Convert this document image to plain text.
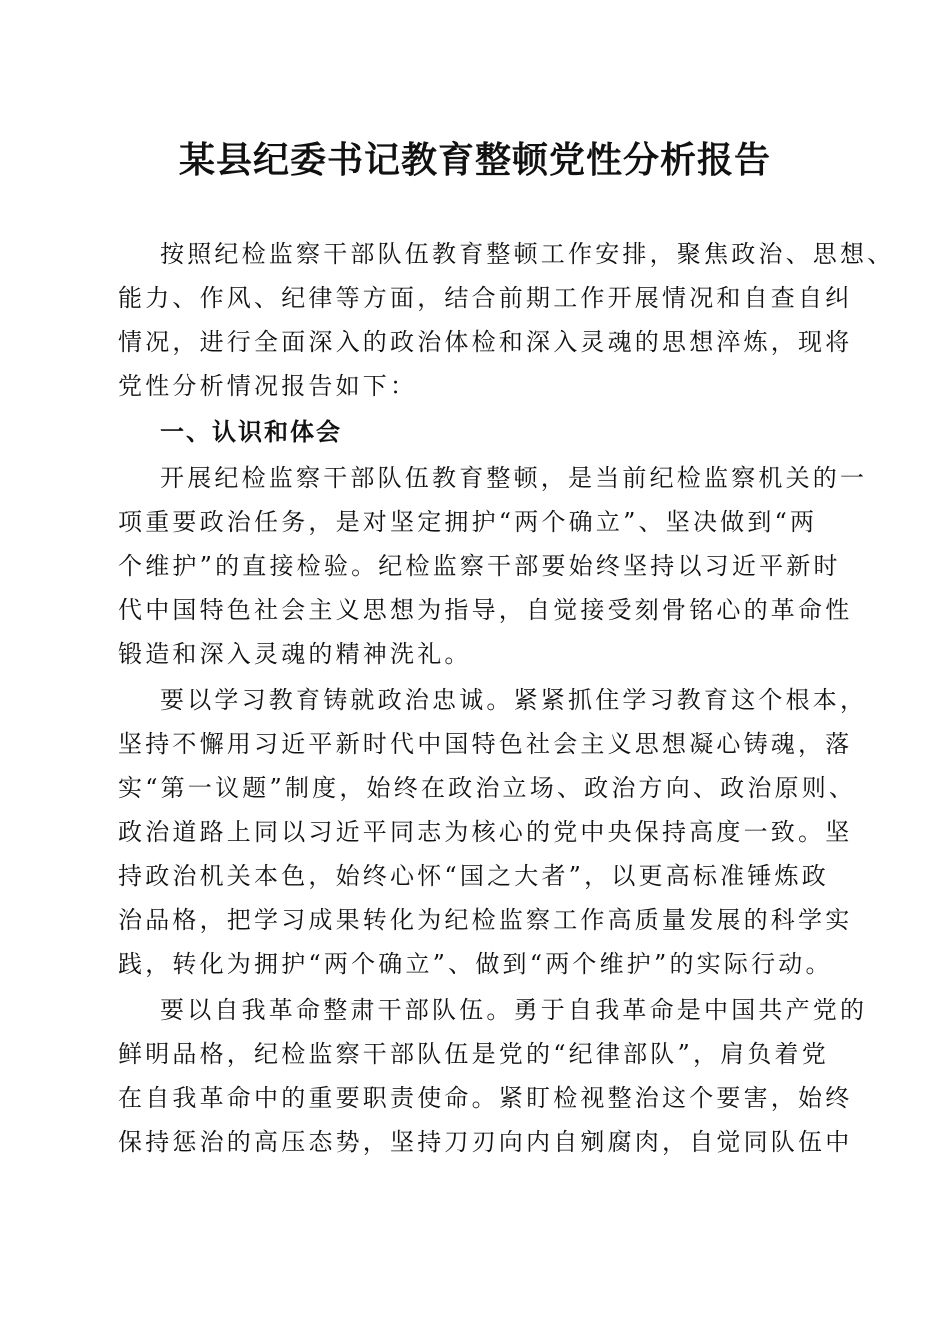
某县纪委书记教育整顿党性分析报告

按照纪检监察干部队伍教育整顿工作安排，聚焦政治、思想、

能力、作风、纪律等方面，结合前期工作开展情况和自查自纠

情况，进行全面深入的政治体检和深入灵魂的思想淬炼，现将

党性分析情况报告如下：

一、认识和体会

开展纪检监察干部队伍教育整顿，是当前纪检监察机关的一

项重要政治任务，是对坚定拥护“两个确立”、坚决做到“两

个维护”的直接检验。纪检监察干部要始终坚持以习近平新时

代中国特色社会主义思想为指导，自觉接受刻骨铭心的革命性

锻造和深入灵魂的精神洗礼。

要以学习教育铸就政治忠诚。紧紧抓住学习教育这个根本，

坚持不懈用习近平新时代中国特色社会主义思想凝心铸魂，落

实“第一议题”制度，始终在政治立场、政治方向、政治原则、

政治道路上同以习近平同志为核心的党中央保持高度一致。坚

持政治机关本色，始终心怀“国之大者”，以更高标准锤炼政

治品格，把学习成果转化为纪检监察工作高质量发展的科学实

践，转化为拥护“两个确立”、做到“两个维护”的实际行动。

要以自我革命整肃干部队伍。勇于自我革命是中国共产党的

鲜明品格，纪检监察干部队伍是党的“纪律部队”，肩负着党

在自我革命中的重要职责使命。紧盯检视整治这个要害，始终

保持惩治的高压态势，坚持刀刃向内自剜腐肉，自觉同队伍中
